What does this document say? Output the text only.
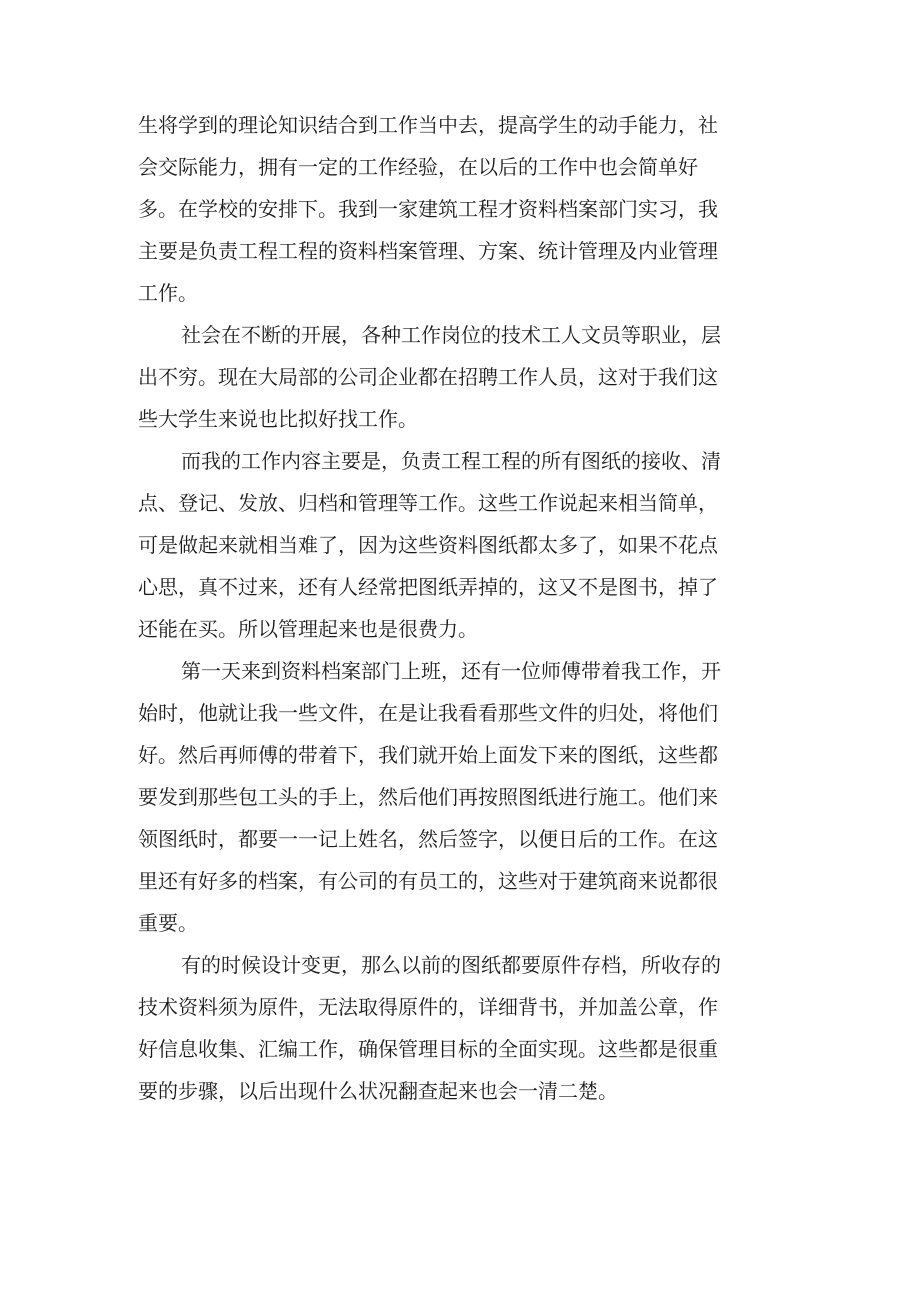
生将学到的理论知识结合到工作当中去，提高学生的动手能力，社
会交际能力，拥有一定的工作经验，在以后的工作中也会简单好
多。在学校的安排下。我到一家建筑工程才资料档案部门实习，我
主要是负责工程工程的资料档案管理、方案、统计管理及内业管理
工作。
社会在不断的开展，各种工作岗位的技术工人文员等职业，层
出不穷。现在大局部的公司企业都在招聘工作人员，这对于我们这
些大学生来说也比拟好找工作。
而我的工作内容主要是，负责工程工程的所有图纸的接收、清
点、登记、发放、归档和管理等工作。这些工作说起来相当简单，
可是做起来就相当难了，因为这些资料图纸都太多了，如果不花点
心思，真不过来，还有人经常把图纸弄掉的，这又不是图书，掉了
还能在买。所以管理起来也是很费力。
第一天来到资料档案部门上班，还有一位师傅带着我工作，开
始时，他就让我一些文件，在是让我看看那些文件的归处，将他们
好。然后再师傅的带着下，我们就开始上面发下来的图纸，这些都
要发到那些包工头的手上，然后他们再按照图纸进行施工。他们来
领图纸时，都要一一记上姓名，然后签字，以便日后的工作。在这
里还有好多的档案，有公司的有员工的，这些对于建筑商来说都很
重要。
有的时候设计变更，那么以前的图纸都要原件存档，所收存的
技术资料须为原件，无法取得原件的，详细背书，并加盖公章，作
好信息收集、汇编工作，确保管理目标的全面实现。这些都是很重
要的步骤，以后出现什么状况翻查起来也会一清二楚。
